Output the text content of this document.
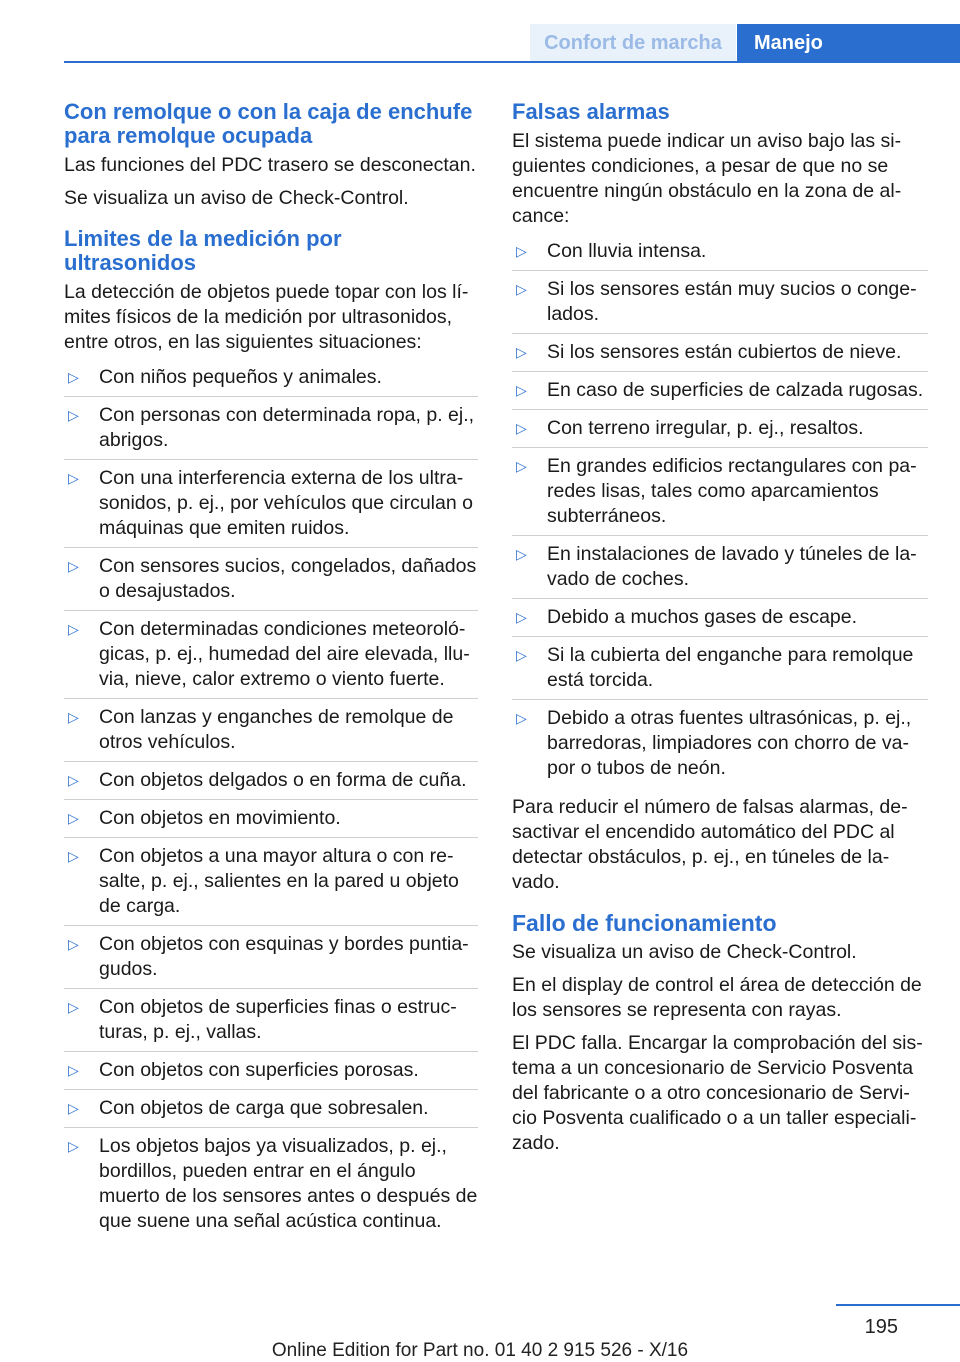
Confort de marcha	Manejo
Con remolque o con la caja de enchufe para remolque ocupada

Las funciones del PDC trasero se desconectan.

Se visualiza un aviso de Check-Control.

Limites de la medición por ultrasonidos

La detección de objetos puede topar con los límites físicos de la medición por ultrasonidos, entre otros, en las siguientes situaciones:

▷ Con niños pequeños y animales.
▷ Con personas con determinada ropa, p. ej., abrigos.
▷ Con una interferencia externa de los ultrasonidos, p. ej., por vehículos que circulan o máquinas que emiten ruidos.
▷ Con sensores sucios, congelados, dañados o desajustados.
▷ Con determinadas condiciones meteorológicas, p. ej., humedad del aire elevada, lluvia, nieve, calor extremo o viento fuerte.
▷ Con lanzas y enganches de remolque de otros vehículos.
▷ Con objetos delgados o en forma de cuña.
▷ Con objetos en movimiento.
▷ Con objetos a una mayor altura o con resalte, p. ej., salientes en la pared u objeto de carga.
▷ Con objetos con esquinas y bordes puntiagudos.
▷ Con objetos de superficies finas o estructuras, p. ej., vallas.
▷ Con objetos con superficies porosas.
▷ Con objetos de carga que sobresalen.
▷ Los objetos bajos ya visualizados, p. ej., bordillos, pueden entrar en el ángulo muerto de los sensores antes o después de que suene una señal acústica continua.
Falsas alarmas

El sistema puede indicar un aviso bajo las siguientes condiciones, a pesar de que no se encuentre ningún obstáculo en la zona de alcance:

▷ Con lluvia intensa.
▷ Si los sensores están muy sucios o congelados.
▷ Si los sensores están cubiertos de nieve.
▷ En caso de superficies de calzada rugosas.
▷ Con terreno irregular, p. ej., resaltos.
▷ En grandes edificios rectangulares con paredes lisas, tales como aparcamientos subterráneos.
▷ En instalaciones de lavado y túneles de lavado de coches.
▷ Debido a muchos gases de escape.
▷ Si la cubierta del enganche para remolque está torcida.
▷ Debido a otras fuentes ultrasónicas, p. ej., barredoras, limpiadores con chorro de vapor o tubos de neón.

Para reducir el número de falsas alarmas, desactivar el encendido automático del PDC al detectar obstáculos, p. ej., en túneles de lavado.

Fallo de funcionamiento

Se visualiza un aviso de Check-Control.

En el display de control el área de detección de los sensores se representa con rayas.

El PDC falla. Encargar la comprobación del sistema a un concesionario de Servicio Posventa del fabricante o a otro concesionario de Servicio Posventa cualificado o a un taller especializado.

195
Online Edition for Part no. 01 40 2 915 526 - X/16
